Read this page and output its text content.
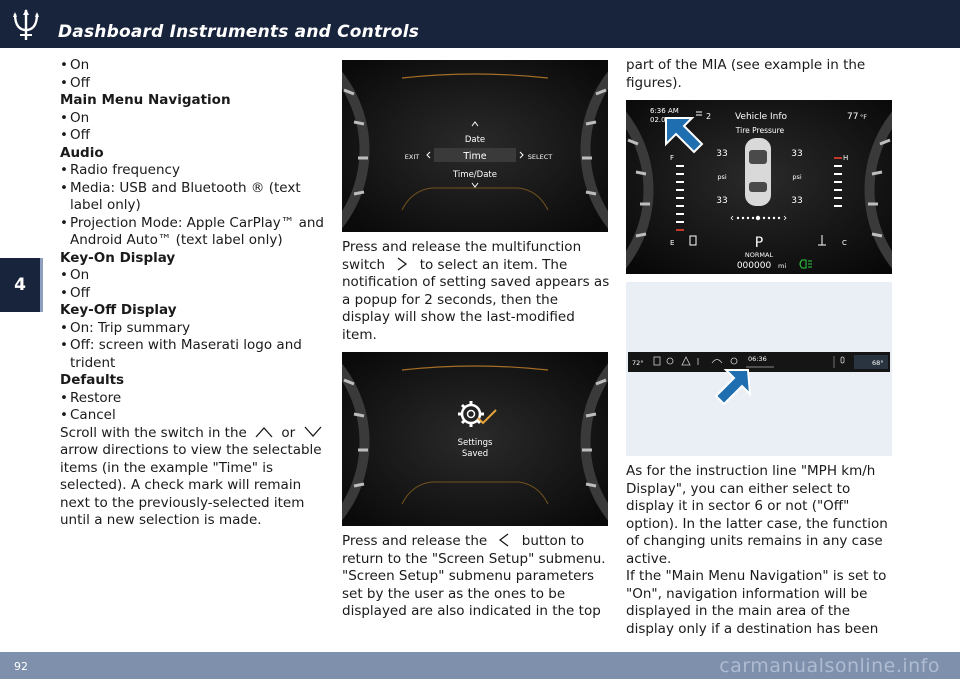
Dashboard Instruments and Controls
4

• On

• Off

Main Menu Navigation

• On

• Off

Audio

• Radio frequency

• Media: USB and Bluetooth ® (text label only)

• Projection Mode: Apple CarPlay™ and Android Auto™ (text label only)

Key-On Display

• On

• Off

Key-Off Display

• On: Trip summary

• Off: screen with Maserati logo and trident

Defaults

• Restore

• Cancel

Scroll with the switch in the	or  arrow directions to view the selectable items (in the example "Time" is selected). A check mark will remain next to the previously-selected item until a new selection is made.

Date
Time
EXIT	SELECT
Time/Date

Press and release the multifunction switch	to select an item. The notification of setting saved appears as a popup for 2 seconds, then the display will show the last-modified item.

Settings
Saved

Press and release the	button to return to the "Screen Setup" submenu.

"Screen Setup" submenu parameters set by the user as the ones to be displayed are also indicated in the top

part of the MIA (see example in the figures).

6:36 AM
02.0	2	Vehicle Info	77 °F
Tire Pressure
33	33
psi	psi
33	33
F
E
H
C
P
NORMAL
000000 mi
72°	06:36	68°

As for the instruction line "MPH km/h Display", you can either select to display it in sector 6 or not ("Off" option). In the latter case, the function of changing units remains in any case active.

If the "Main Menu Navigation" is set to "On", navigation information will be displayed in the main area of the display only if a destination has been

92	carmanualsonline.info
